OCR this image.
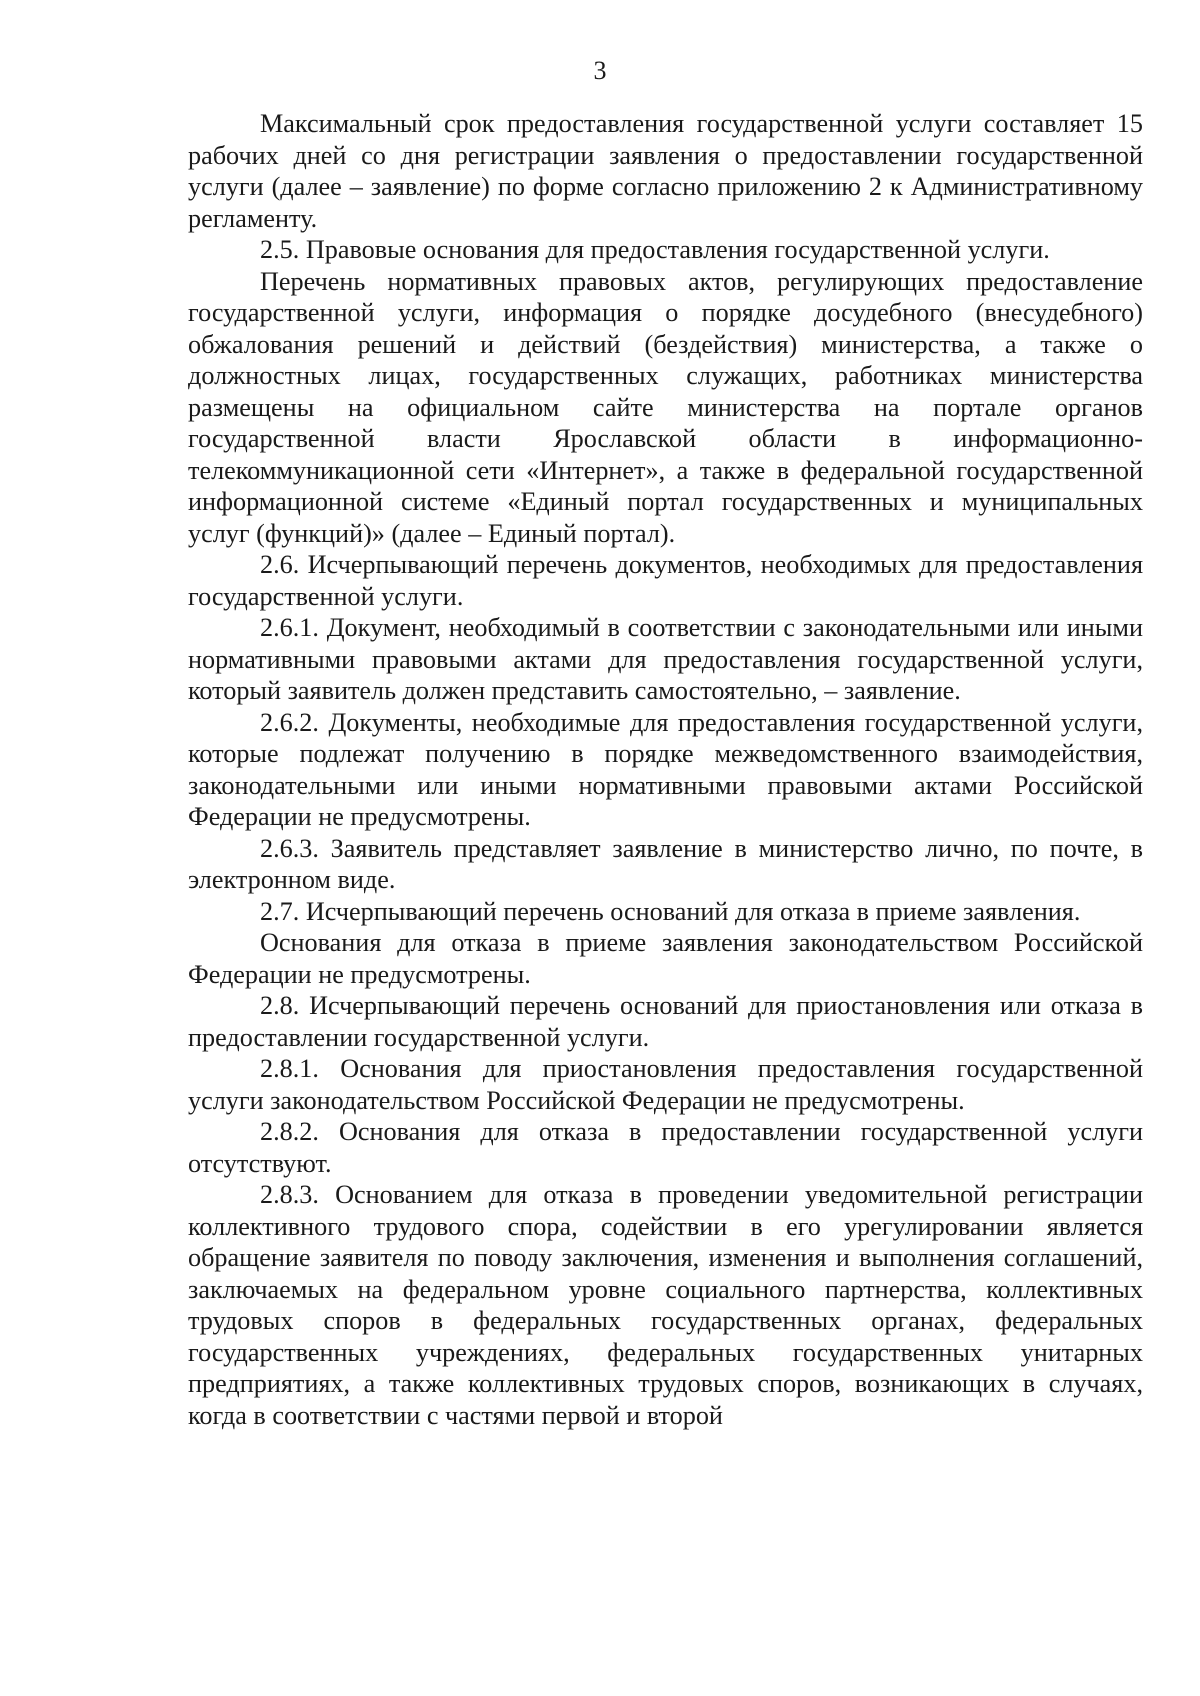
3

Максимальный срок предоставления государственной услуги составляет 15 рабочих дней со дня регистрации заявления о предоставлении государственной услуги (далее – заявление) по форме согласно приложению 2 к Административному регламенту.

2.5. Правовые основания для предоставления государственной услуги.

Перечень нормативных правовых актов, регулирующих предоставление государственной услуги, информация о порядке досудебного (внесудебного) обжалования решений и действий (бездействия) министерства, а также о должностных лицах, государственных служащих, работниках министерства размещены на официальном сайте министерства на портале органов государственной власти Ярославской области в информационно-телекоммуникационной сети «Интернет», а также в федеральной государственной информационной системе «Единый портал государственных и муниципальных услуг (функций)» (далее – Единый портал).

2.6. Исчерпывающий перечень документов, необходимых для предоставления государственной услуги.

2.6.1. Документ, необходимый в соответствии с законодательными или иными нормативными правовыми актами для предоставления государственной услуги, который заявитель должен представить самостоятельно, – заявление.

2.6.2. Документы, необходимые для предоставления государственной услуги, которые подлежат получению в порядке межведомственного взаимодействия, законодательными или иными нормативными правовыми актами Российской Федерации не предусмотрены.

2.6.3. Заявитель представляет заявление в министерство лично, по почте, в электронном виде.

2.7. Исчерпывающий перечень оснований для отказа в приеме заявления.

Основания для отказа в приеме заявления законодательством Российской Федерации не предусмотрены.

2.8. Исчерпывающий перечень оснований для приостановления или отказа в предоставлении государственной услуги.

2.8.1. Основания для приостановления предоставления государственной услуги законодательством Российской Федерации не предусмотрены.

2.8.2. Основания для отказа в предоставлении государственной услуги отсутствуют.

2.8.3. Основанием для отказа в проведении уведомительной регистрации коллективного трудового спора, содействии в его урегулировании является обращение заявителя по поводу заключения, изменения и выполнения соглашений, заключаемых на федеральном уровне социального партнерства, коллективных трудовых споров в федеральных государственных органах, федеральных государственных учреждениях, федеральных государственных унитарных предприятиях, а также коллективных трудовых споров, возникающих в случаях, когда в соответствии с частями первой и второй
